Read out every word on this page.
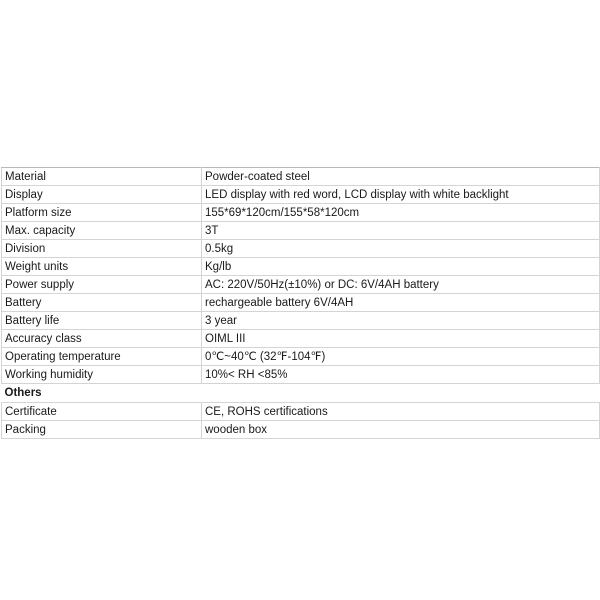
Material	Powder-coated steel
Display	LED display with red word, LCD display with white backlight
Platform size	155*69*120cm/155*58*120cm
Max. capacity	3T
Division	0.5kg
Weight units	Kg/lb
Power supply	AC: 220V/50Hz(±10%) or DC: 6V/4AH battery
Battery	rechargeable battery 6V/4AH
Battery life	3 year
Accuracy class	OIML III
Operating temperature	0℃~40℃ (32℉-104℉)
Working humidity	10%< RH <85%
Others	
Certificate	CE, ROHS certifications
Packing	wooden box
